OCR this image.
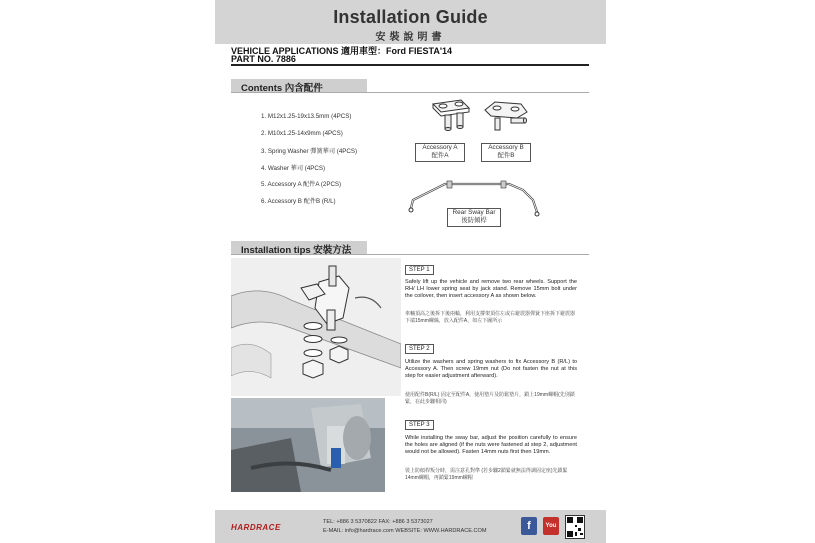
Installation Guide
安裝說明書
VEHICLE APPLICATIONS 適用車型：Ford FIESTA'14
PART NO. 7886
Contents 內含配件
1. M12x1.25-19x13.5mm (4PCS)
2. M10x1.25-14x9mm (4PCS)
3. Spring Washer 彈簧華司 (4PCS)
4. Washer 華司 (4PCS)
5. Accessory A 配件A (2PCS)
6. Accessory B 配件B (R/L)
Accessory A
配件A
Accessory B
配件B
Rear Sway Bar
後防傾桿
Installation tips 安裝方法
STEP 1
Safely lift up the vehicle and remove two rear wheels. Support the RH/ LH lower spring seat by jack stand. Remove 15mm bolt under the coilover, then insert accessory A as shown below.
車輛頂高之後拆下後兩輪，利用支撐架頂住左或右避震器彈簧下座拆下避震器下端15mm螺絲，放入配件A，如左下圖所示
STEP 2
Utilize the washers and spring washers to fix Accessory B (R/L) to Accessory A. Then screw 19mm nut (Do not fasten the nut at this step for easier adjustment afterward).
使用配件B(R/L) 固定至配件A，使用墊片及防鬆墊片，鎖上19mm螺帽(先別鎖緊，在此步驟相同)
STEP 3
While installing the sway bar, adjust the position carefully to ensure the holes are aligned (if the nuts were fastened at step 2, adjustment would not be allowed). Fasten 14mm nuts first then 19mm.
裝上防傾桿叛分時，需注意孔對準 (若步驟2鎖緊就無法得調固定座)先鎖緊14mm螺帽，再鎖緊19mm螺帽
HARDRACE
TEL: +886 3 5370822 FAX: +886 3 5373027
E-MAIL: info@hardrace.com WEBSITE: WWW.HARDRACE.COM	f	You
